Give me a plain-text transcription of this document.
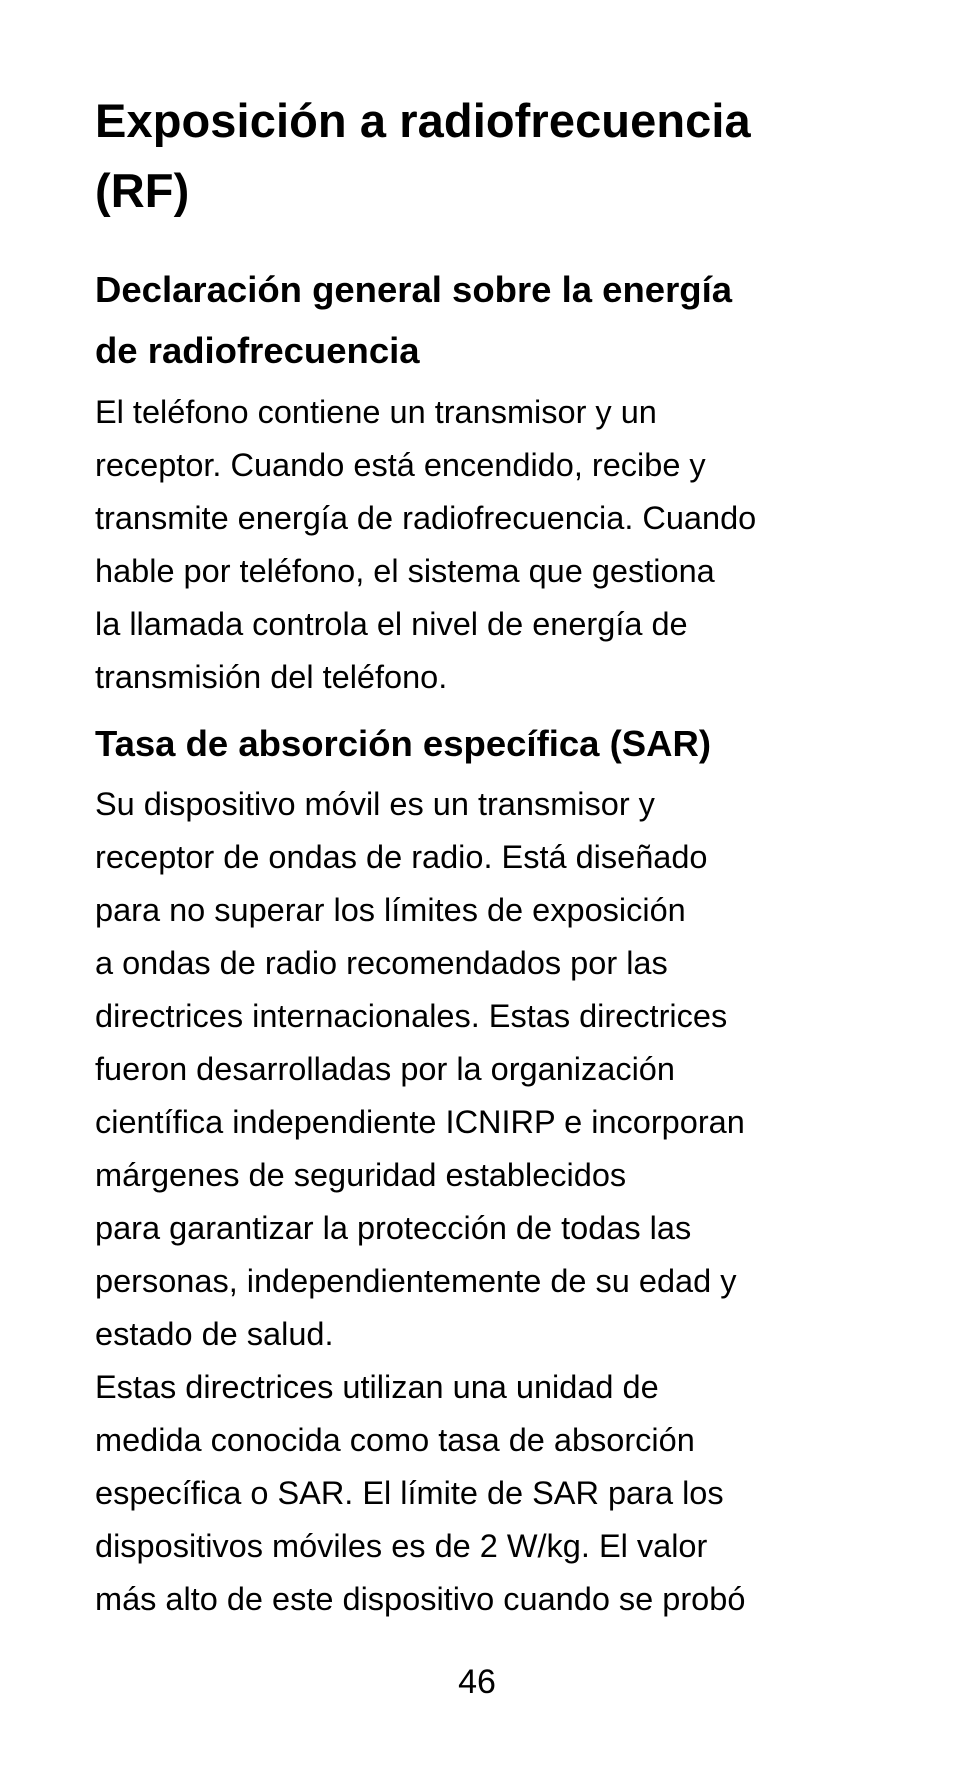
Exposición a radiofrecuencia
(RF)
Declaración general sobre la energía
de radiofrecuencia

El teléfono contiene un transmisor y un
receptor. Cuando está encendido, recibe y
transmite energía de radiofrecuencia. Cuando
hable por teléfono, el sistema que gestiona
la llamada controla el nivel de energía de
transmisión del teléfono.

Tasa de absorción específica (SAR)

Su dispositivo móvil es un transmisor y
receptor de ondas de radio. Está diseñado
para no superar los límites de exposición
a ondas de radio recomendados por las
directrices internacionales. Estas directrices
fueron desarrolladas por la organización
científica independiente ICNIRP e incorporan
márgenes de seguridad establecidos
para garantizar la protección de todas las
personas, independientemente de su edad y
estado de salud.

Estas directrices utilizan una unidad de
medida conocida como tasa de absorción
específica o SAR. El límite de SAR para los
dispositivos móviles es de 2 W/kg. El valor
más alto de este dispositivo cuando se probó

46
